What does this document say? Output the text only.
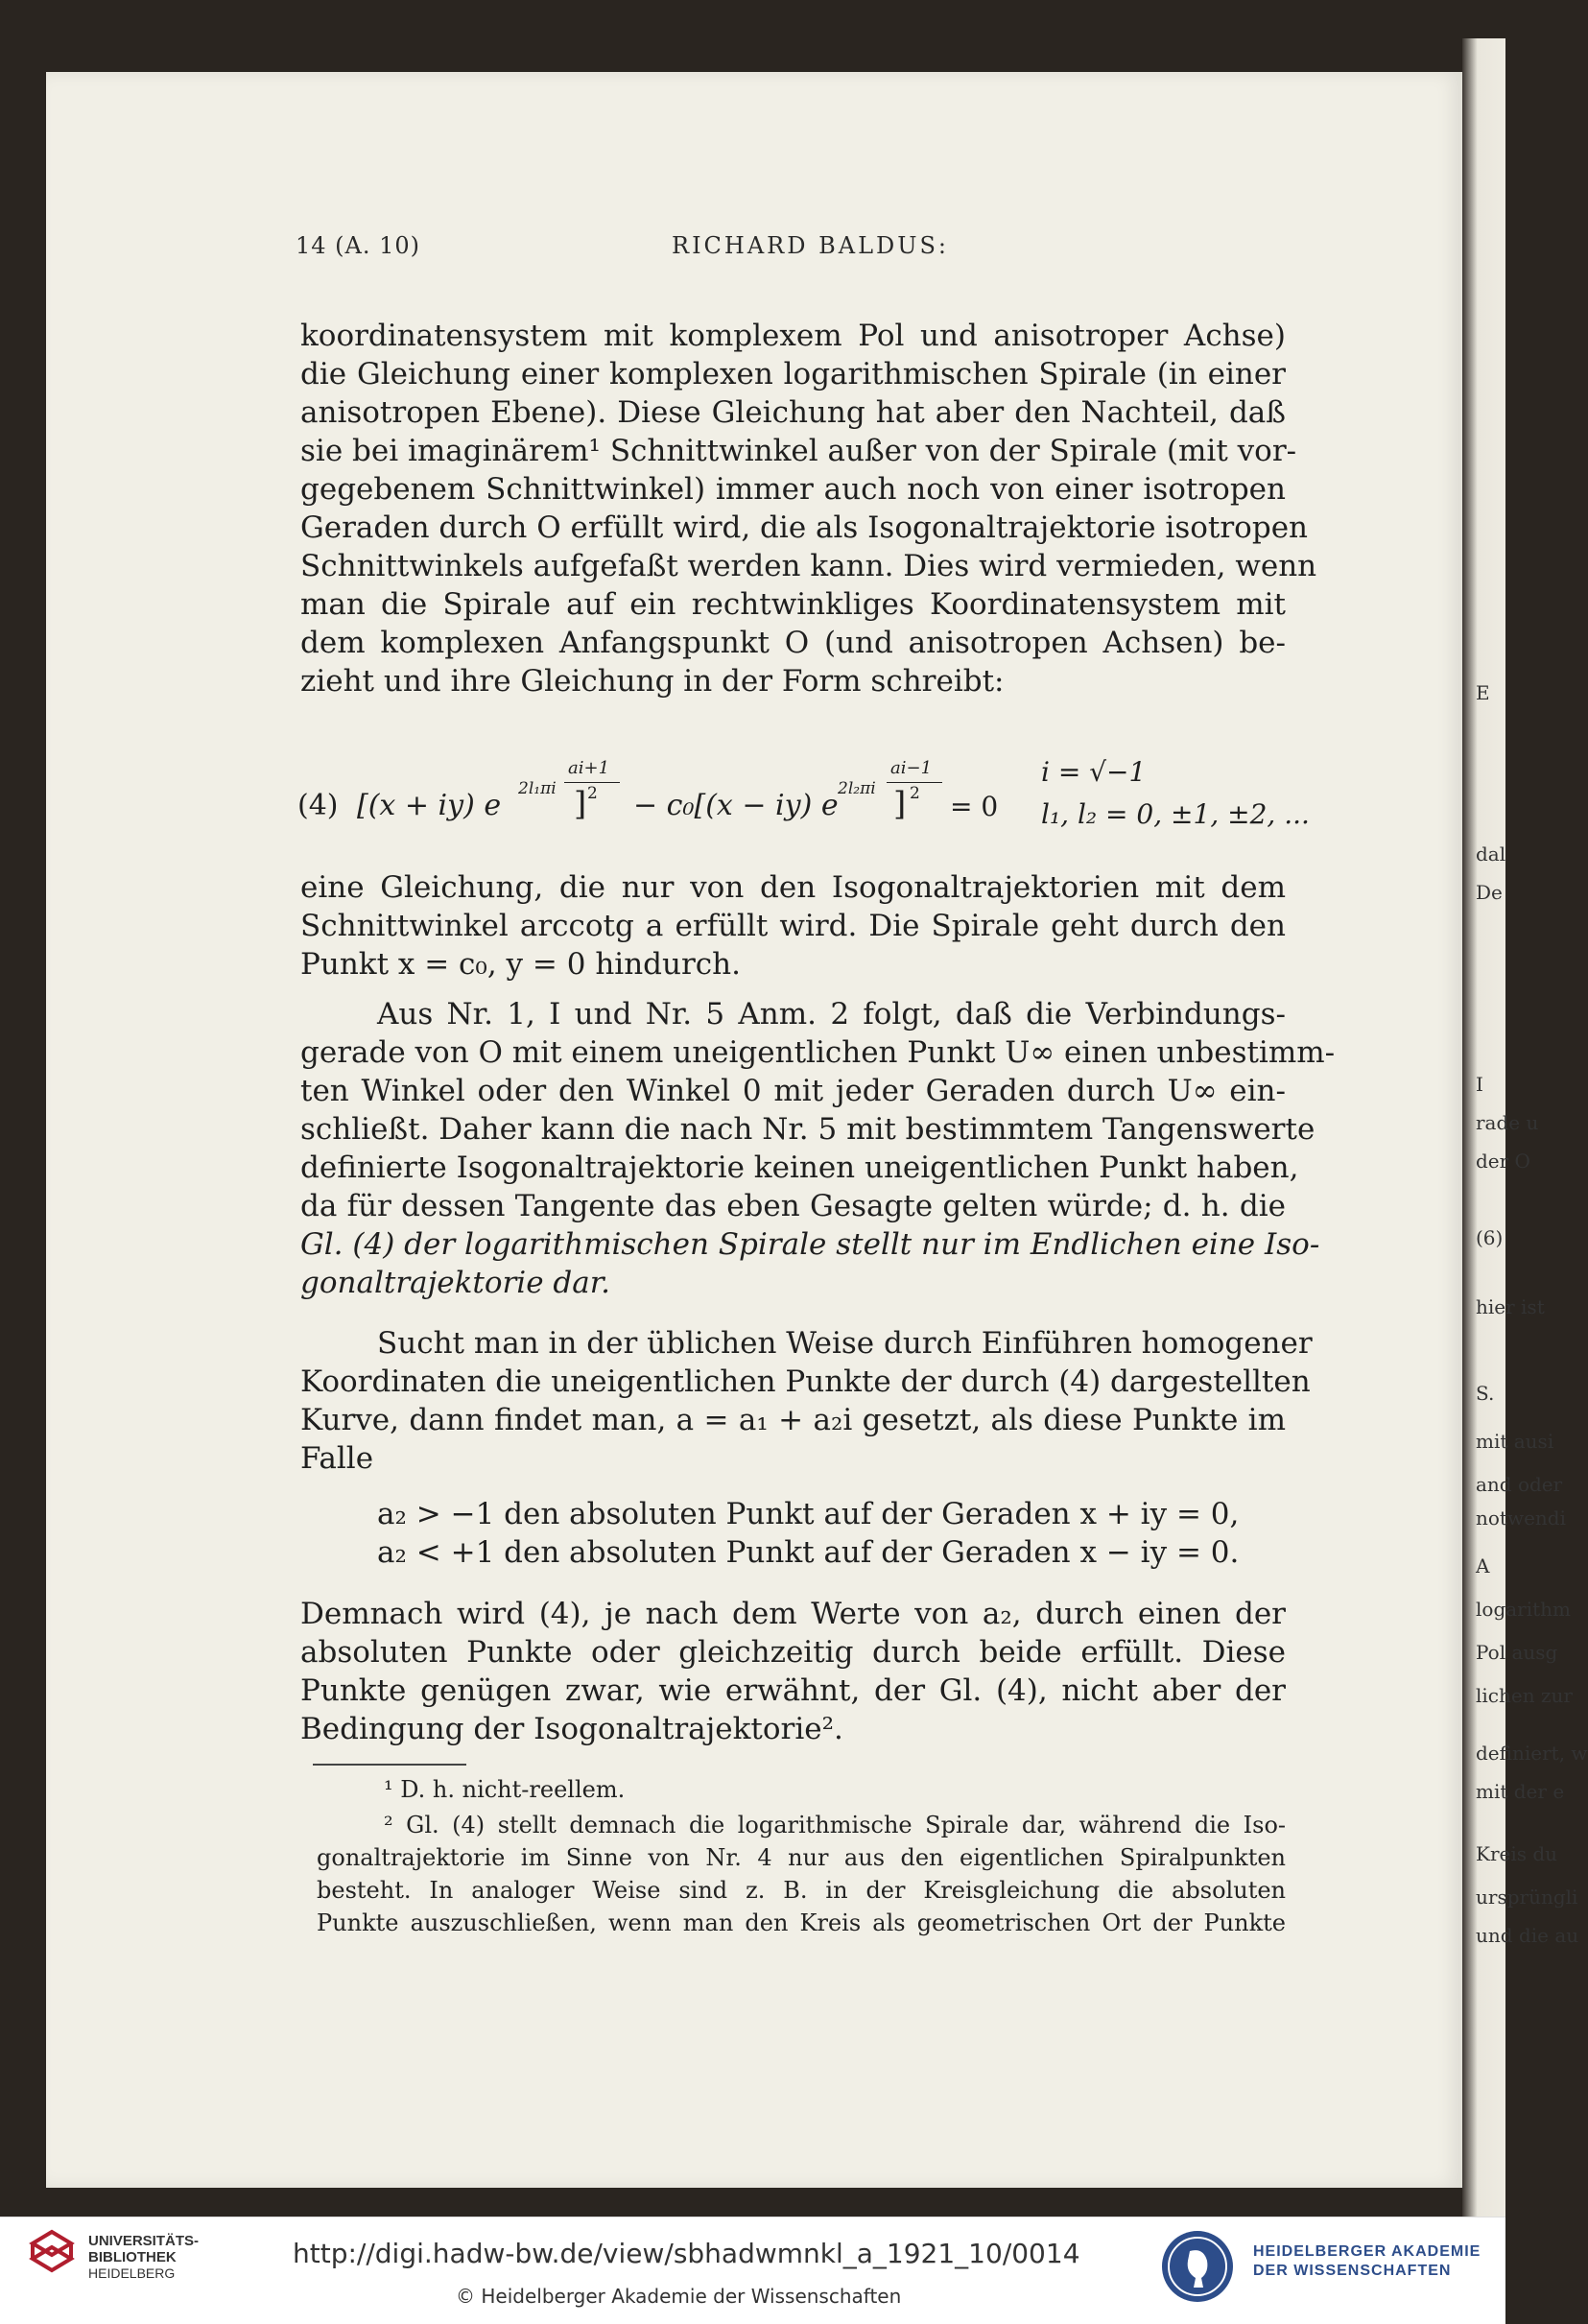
E
dal
De
I
rade u
der O
(6)
hier ist
S.
mit ausi
and oder
notwendi
A
logarithm
Pol ausg
lichen zur
definiert, w
mit der e
Kreis du
ursprüngli
und die au
14 (A. 10)	RICHARD BALDUS:
koordinatensystem mit komplexem Pol und anisotroper Achse)
die Gleichung einer komplexen logarithmischen Spirale (in einer
anisotropen Ebene). Diese Gleichung hat aber den Nachteil, daß
sie bei imaginärem¹ Schnittwinkel außer von der Spirale (mit vor-
gegebenem Schnittwinkel) immer auch noch von einer isotropen
Geraden durch O erfüllt wird, die als Isogonaltrajektorie isotropen
Schnittwinkels aufgefaßt werden kann. Dies wird vermieden, wenn
man die Spirale auf ein rechtwinkliges Koordinatensystem mit
dem komplexen Anfangspunkt O (und anisotropen Achsen) be-
zieht und ihre Gleichung in der Form schreibt:
(4) [(x + iy) e 2l₁πi ]
ai+1
2 − c₀[(x − iy) e 2l₂πi ]
ai−1
2 = 0
i = √−1
l₁, l₂ = 0, ±1, ±2, ...
eine Gleichung, die nur von den Isogonaltrajektorien mit dem
Schnittwinkel arccotg a erfüllt wird. Die Spirale geht durch den
Punkt x = c₀, y = 0 hindurch.
Aus Nr. 1, I und Nr. 5 Anm. 2 folgt, daß die Verbindungs-
gerade von O mit einem uneigentlichen Punkt U∞ einen unbestimm-
ten Winkel oder den Winkel 0 mit jeder Geraden durch U∞ ein-
schließt. Daher kann die nach Nr. 5 mit bestimmtem Tangenswerte
definierte Isogonaltrajektorie keinen uneigentlichen Punkt haben,
da für dessen Tangente das eben Gesagte gelten würde; d. h. die
Gl. (4) der logarithmischen Spirale stellt nur im Endlichen eine Iso-
gonaltrajektorie dar.
Sucht man in der üblichen Weise durch Einführen homogener
Koordinaten die uneigentlichen Punkte der durch (4) dargestellten
Kurve, dann findet man, a = a₁ + a₂i gesetzt, als diese Punkte im
Falle
a₂ > −1 den absoluten Punkt auf der Geraden x + iy = 0,
a₂ < +1 den absoluten Punkt auf der Geraden x − iy = 0.
Demnach wird (4), je nach dem Werte von a₂, durch einen der
absoluten Punkte oder gleichzeitig durch beide erfüllt. Diese
Punkte genügen zwar, wie erwähnt, der Gl. (4), nicht aber der
Bedingung der Isogonaltrajektorie².
¹ D. h. nicht-reellem.
² Gl. (4) stellt demnach die logarithmische Spirale dar, während die Iso-
gonaltrajektorie im Sinne von Nr. 4 nur aus den eigentlichen Spiralpunkten
besteht. In analoger Weise sind z. B. in der Kreisgleichung die absoluten
Punkte auszuschließen, wenn man den Kreis als geometrischen Ort der Punkte
UNIVERSITÄTS-
BIBLIOTHEK
HEIDELBERG
http://digi.hadw-bw.de/view/sbhadwmnkl_a_1921_10/0014
© Heidelberger Akademie der Wissenschaften
HEIDELBERGER AKADEMIE
DER WISSENSCHAFTEN
